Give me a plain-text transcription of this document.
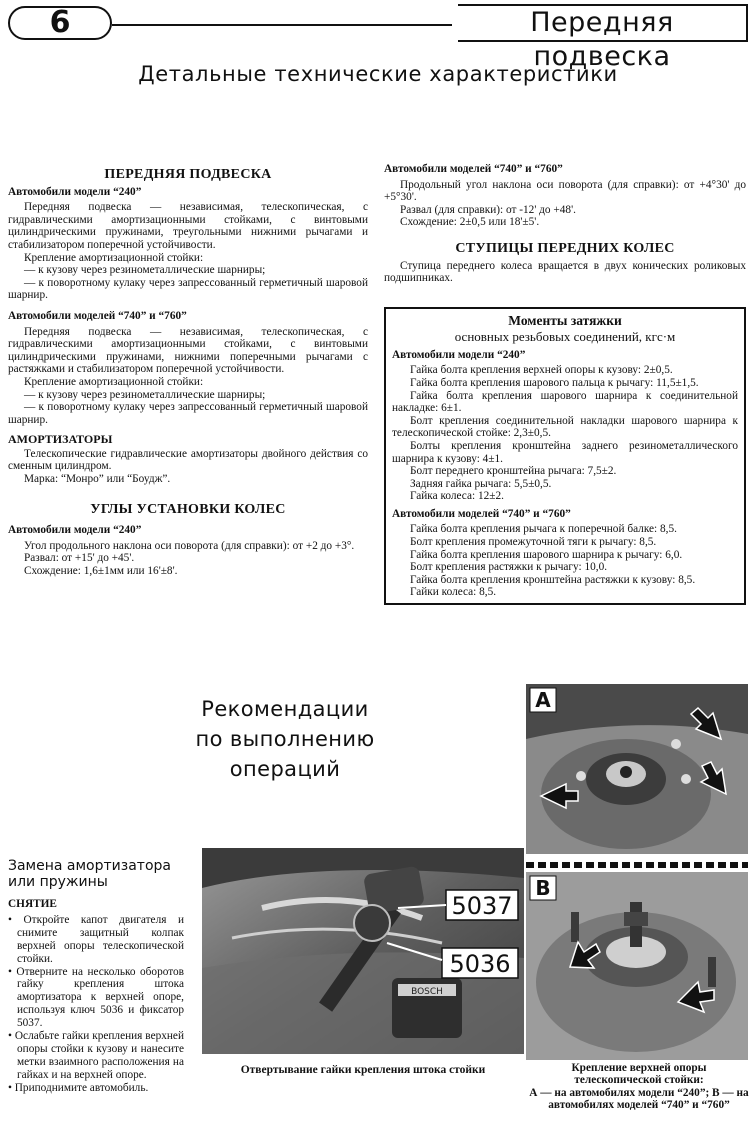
6	Передняя подвеска
Детальные технические характеристики
ПЕРЕДНЯЯ ПОДВЕСКА
Автомобили модели “240”

Передняя подвеска — независимая, телескопическая, с гидравлическими амортизационными стойками, с винтовыми цилиндрическими пружинами, треугольными нижними рычагами и стабилизатором поперечной устойчивости.

Крепление амортизационной стойки:

— к кузову через резинометаллические шарниры;

— к поворотному кулаку через запрессованный герметичный шаровой шарнир.

Автомобили моделей “740” и “760”

Передняя подвеска — независимая, телескопическая, с гидравлическими амортизационными стойками, с винтовыми цилиндрическими пружинами, нижними поперечными рычагами с растяжками и стабилизатором поперечной устойчивости.

Крепление амортизационной стойки:

— к кузову через резинометаллические шарниры;

— к поворотному кулаку через запрессованный герметичный шаровой шарнир.

АМОРТИЗАТОРЫ

Телескопические гидравлические амортизаторы двойного действия со сменным цилиндром.

Марка: “Монро” или “Боудж”.

УГЛЫ УСТАНОВКИ КОЛЕС
Автомобили модели “240”

Угол продольного наклона оси поворота (для справки): от +2 до +3°.

Развал: от +15' до +45'.

Схождение: 1,6±1мм или 16'±8'.

Автомобили моделей “740” и “760”

Продольный угол наклона оси поворота (для справки): от +4°30' до +5°30'.

Развал (для справки): от -12' до +48'.

Схождение: 2±0,5 или 18'±5'.

СТУПИЦЫ ПЕРЕДНИХ КОЛЕС

Ступица переднего колеса вращается в двух конических роликовых подшипниках.

Моменты затяжки
основных резьбовых соединений, кгс·м
Автомобили модели “240”

Гайка болта крепления верхней опоры к кузову: 2±0,5.

Гайка болта крепления шарового пальца к рычагу: 11,5±1,5.

Гайка болта крепления шарового шарнира к соединительной накладке: 6±1.

Болт крепления соединительной накладки шарового шарнира к телескопической стойке: 2,3±0,5.

Болты крепления кронштейна заднего резинометаллического шарнира к кузову: 4±1.

Болт переднего кронштейна рычага: 7,5±2.

Задняя гайка рычага: 5,5±0,5.

Гайка колеса: 12±2.

Автомобили моделей “740” и “760”

Гайка болта крепления рычага к поперечной балке: 8,5.

Болт крепления промежуточной тяги к рычагу: 8,5.

Гайка болта крепления шарового шарнира к рычагу: 6,0.

Болт крепления растяжки к рычагу: 10,0.

Гайка болта крепления кронштейна растяжки к кузову: 8,5.

Гайки колеса: 8,5.

Рекомендации
по выполнению
операций
Замена амортизатора
или пружины
СНЯТИЕ

• Откройте капот двигателя и снимите защитный колпак верхней опоры телескопической стойки.

• Отверните на несколько оборотов гайку крепления штока амортизатора к верхней опоре, используя ключ 5036 и фиксатор 5037.

• Ослабьте гайки крепления верхней опоры стойки к кузову и нанесите метки взаимного расположения на гайках и на верхней опоре.

• Приподнимите автомобиль.

BOSCH
5037
5036
A
B
Отвертывание гайки крепления штока стойки	Крепление верхней опоры телескопической стойки:
А — на автомобилях модели “240”; В — на автомобилях моделей “740” и “760”
